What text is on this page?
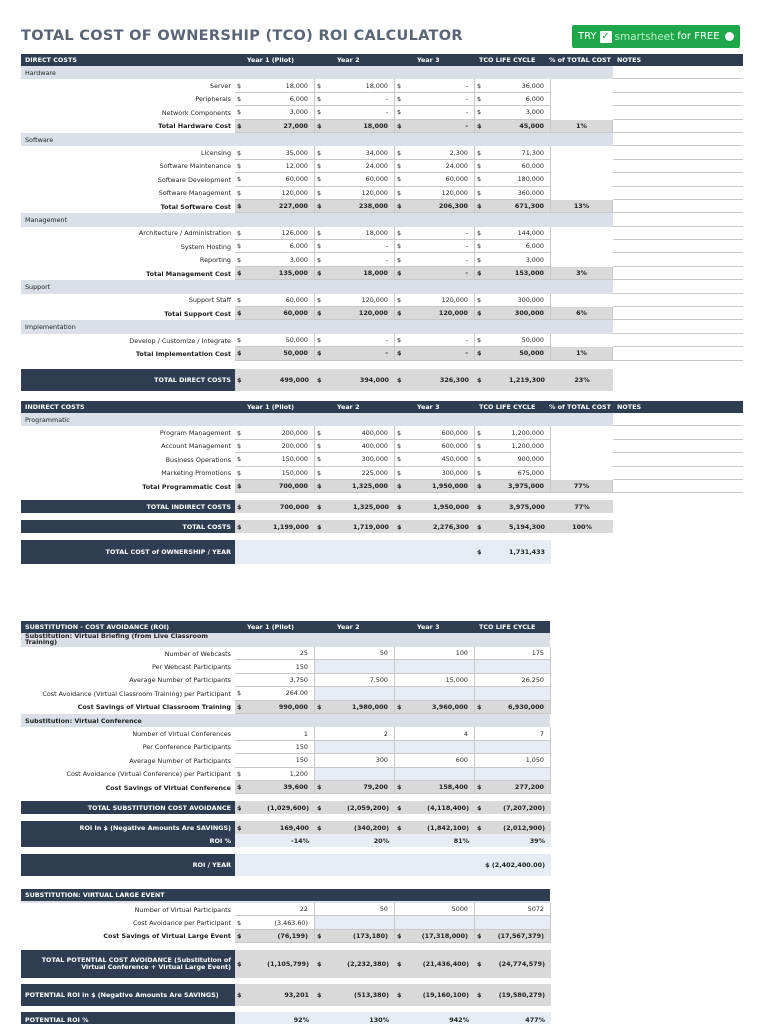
TOTAL COST OF OWNERSHIP (TCO) ROI CALCULATOR	TRY ✓ smartsheet for FREE
DIRECT COSTS	Year 1 (Pilot)	Year 2	Year 3	TCO LIFE CYCLE	% of TOTAL COST NOTES
Hardware
Server $	18,000	$	18,000	$	-	$	36,000
Peripherals $	6,000	$	-	$	-	$	6,000
Network Components $	3,000	$	-	$	-	$	3,000
Total Hardware Cost $	27,000	$	18,000	$	-	$	45,000	1%
Software
Licensing $	35,000	$	34,000	$	2,300	$	71,300
Software Maintenance $	12,000	$	24,000	$	24,000	$	60,000
Software Development $	60,000	$	60,000	$	60,000	$	180,000
Software Management $	120,000	$	120,000	$	120,000	$	360,000
Total Software Cost $	227,000	$	238,000	$	206,300	$	671,300	13%
Management
Architecture / Administration $	126,000	$	18,000	$	-	$	144,000
System Hosting $	6,000	$	-	$	-	$	6,000
Reporting $	3,000	$	-	$	-	$	3,000
Total Management Cost $	135,000	$	18,000	$	-	$	153,000	3%
Support
Support Staff $	60,000	$	120,000	$	120,000	$	300,000
Total Support Cost $	60,000	$	120,000	$	120,000	$	300,000	6%
Implementation
Develop / Customize / Integrate $	50,000	$	-	$	-	$	50,000
Total Implementation Cost $	50,000	$	-	$	-	$	50,000	1%
TOTAL DIRECT COSTS $	499,000	$	394,000	$	326,300	$	1,219,300	23%
INDIRECT COSTS	Year 1 (Pilot)	Year 2	Year 3	TCO LIFE CYCLE	% of TOTAL COST NOTES
Programmatic
Program Management $	200,000	$	400,000	$	600,000	$	1,200,000
Account Management $	200,000	$	400,000	$	600,000	$	1,200,000
Business Operations $	150,000	$	300,000	$	450,000	$	900,000
Marketing Promotions $	150,000	$	225,000	$	300,000	$	675,000
Total Programmatic Cost $	700,000	$	1,325,000	$	1,950,000	$	3,975,000	77%
TOTAL INDIRECT COSTS $	700,000	$	1,325,000	$	1,950,000	$	3,975,000	77%
TOTAL COSTS $	1,199,000	$	1,719,000	$	2,276,300	$	5,194,300	100%
TOTAL COST of OWNERSHIP / YEAR	$	1,731,433
SUBSTITUTION - COST AVOIDANCE (ROI)	Year 1 (Pilot)	Year 2	Year 3	TCO LIFE CYCLE
Substitution: Virtual Briefing (from Live Classroom Training)
Number of Webcasts	25	50	100	175
Per Webcast Participants	150
Average Number of Participants	3,750	7,500	15,000	26,250
Cost Avoidance (Virtual Classroom Training) per Participant $	264.00
Cost Savings of Virtual Classroom Training $	990,000	$	1,980,000	$	3,960,000	$	6,930,000
Substitution: Virtual Conference
Number of Virtual Conferences	1	2	4	7
Per Conference Participants	150
Average Number of Participants	150	300	600	1,050
Cost Avoidance (Virtual Conference) per Participant $	1,200
Cost Savings of Virtual Conference $	39,600	$	79,200	$	158,400	$	277,200
TOTAL SUBSTITUTION COST AVOIDANCE $	(1,029,600)	$	(2,059,200)	$	(4,118,400)	$	(7,207,200)
ROI in $ (Negative Amounts Are SAVINGS) $	169,400	$	(340,200)	$	(1,842,100)	$	(2,012,900)
ROI %	-14%	20%	81%	39%
ROI / YEAR	$ (2,402,400.00)
SUBSTITUTION: VIRTUAL LARGE EVENT
Number of Virtual Participants	22	50	5000	5072
Cost Avoidance per Participant $	(3,463.60)
Cost Savings of Virtual Large Event $	(76,199)	$	(173,180)	$	(17,318,000)	$	(17,567,379)
TOTAL POTENTIAL COST AVOIDANCE (Substitution of Virtual Conference + Virtual Large Event) $	(1,105,799)	$	(2,232,380)	$	(21,436,400)	$	(24,774,579)
POTENTIAL ROI in $ (Negative Amounts Are SAVINGS)	$	93,201	$	(513,380)	$	(19,160,100)	$	(19,580,279)
POTENTIAL ROI %	92%	130%	942%	477%
